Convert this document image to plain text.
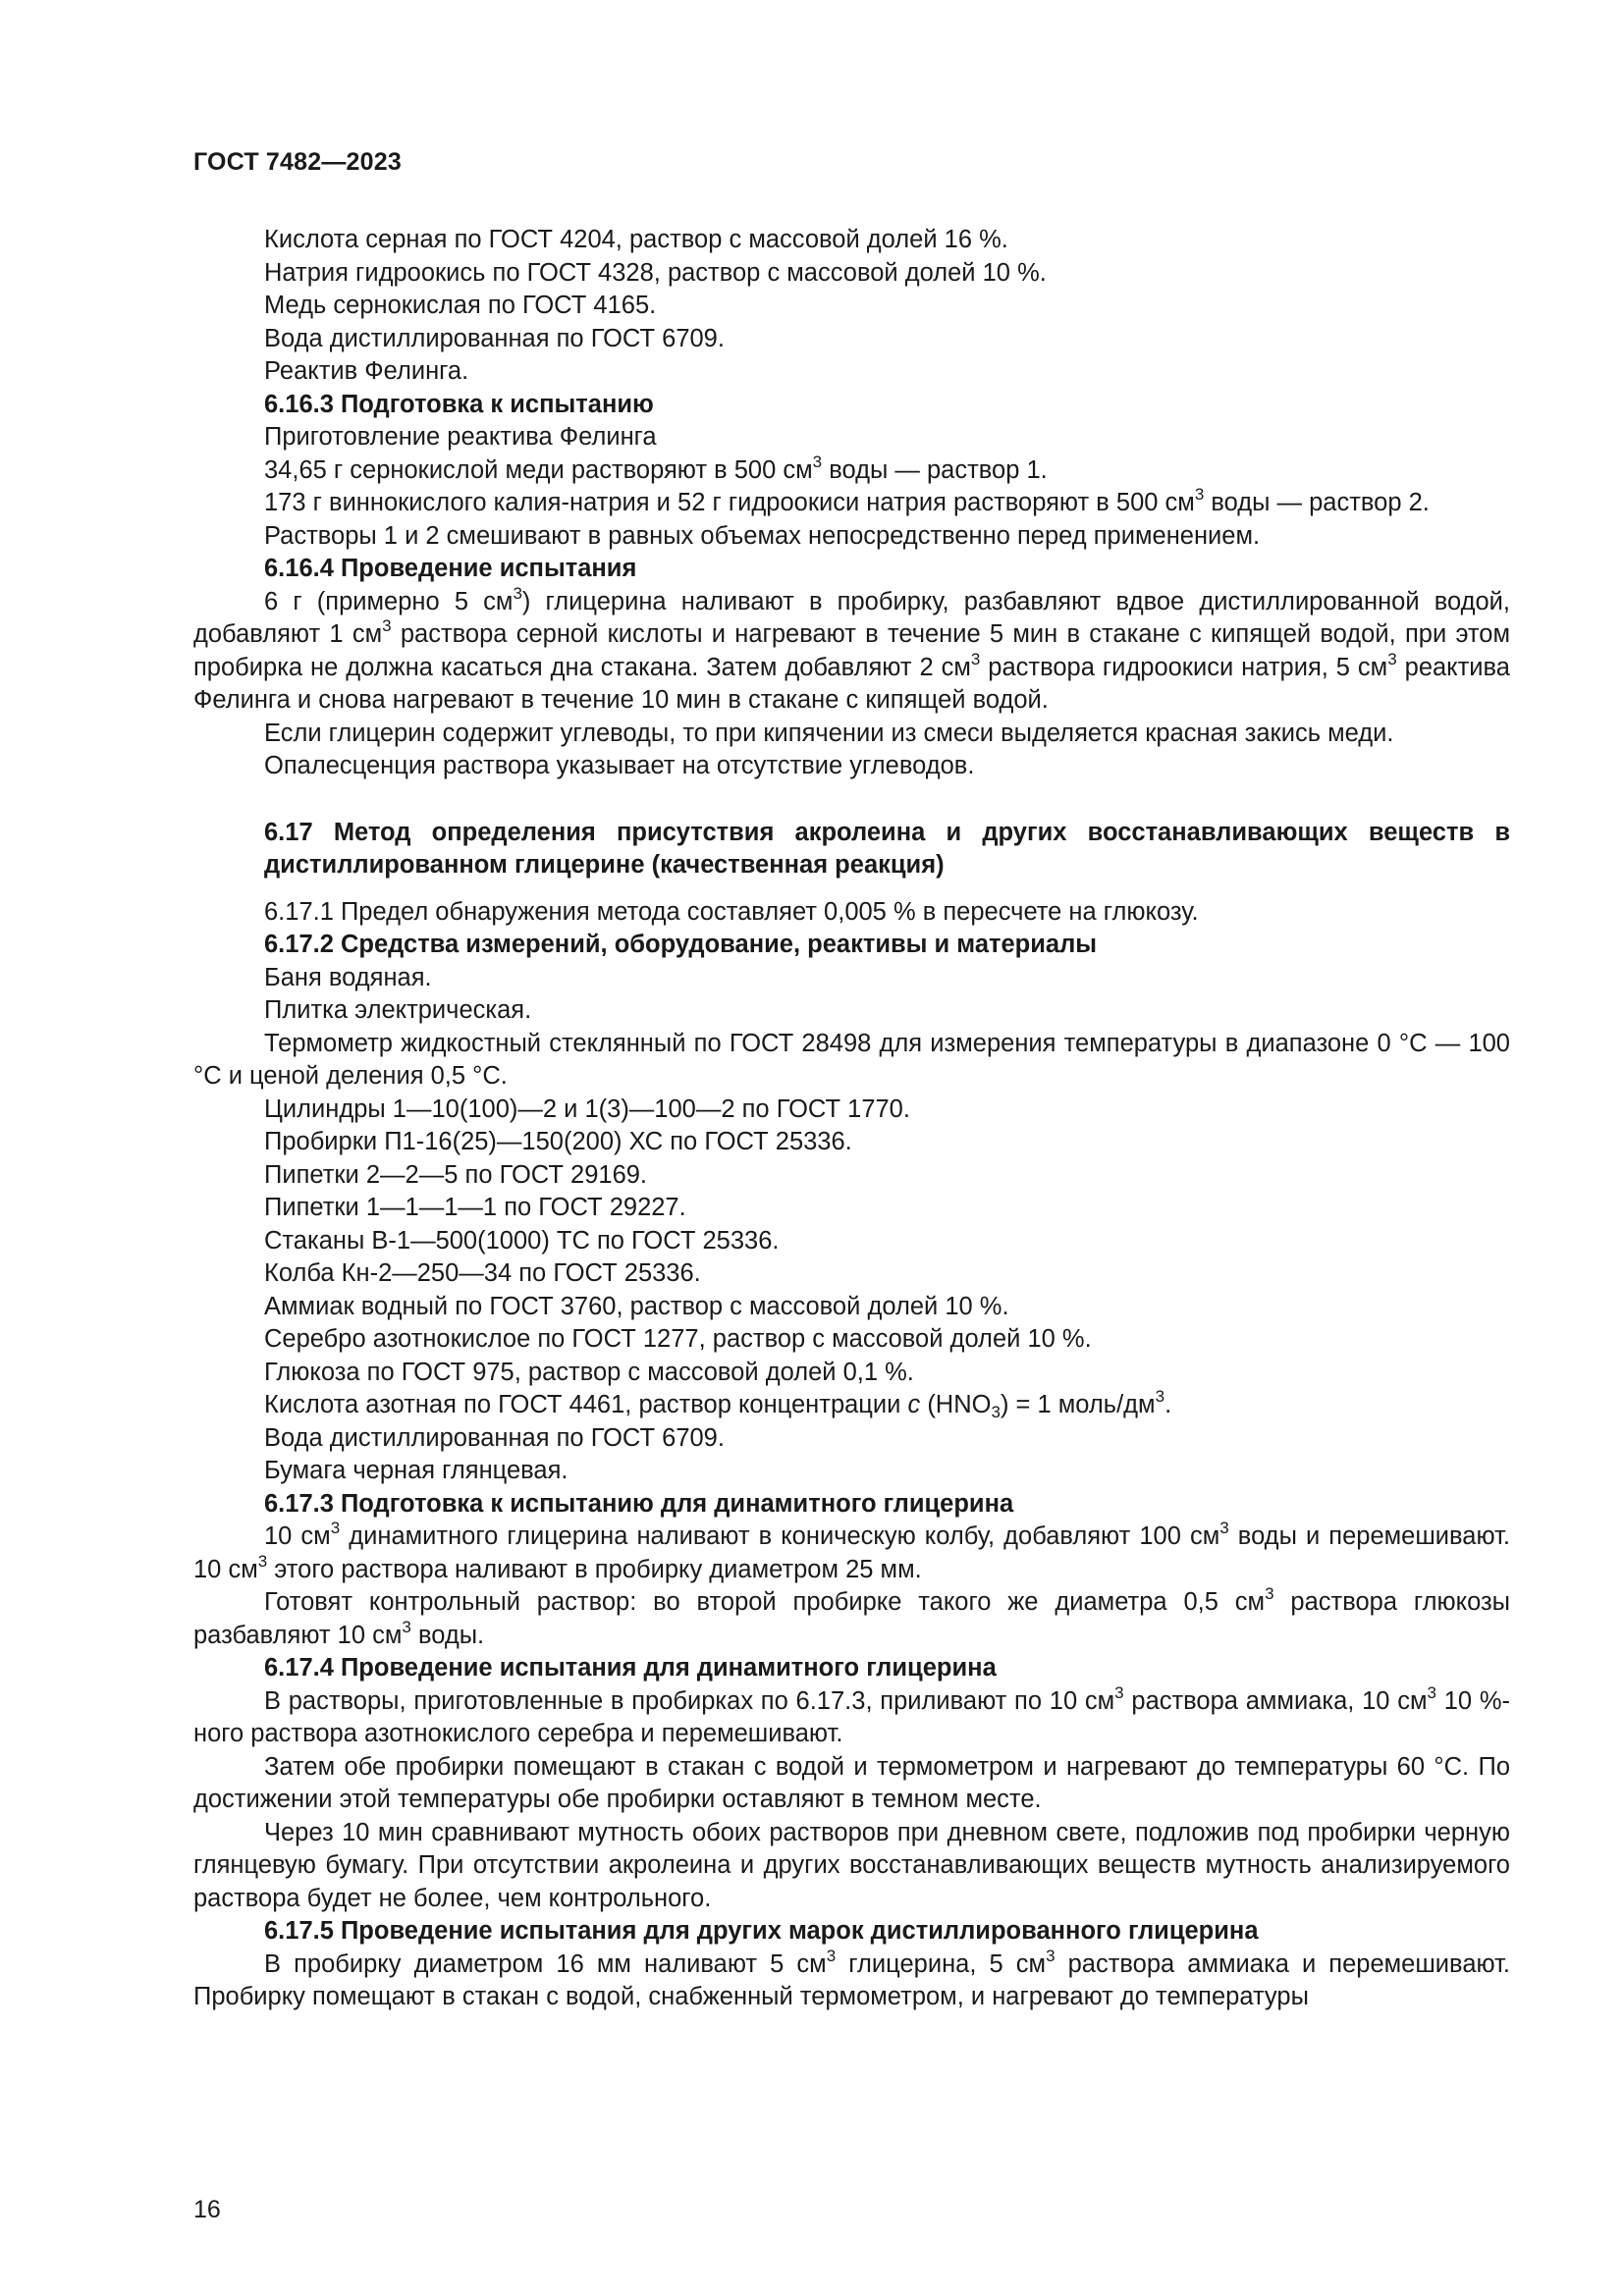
ГОСТ 7482—2023

Кислота серная по ГОСТ 4204, раствор с массовой долей 16 %.

Натрия гидроокись по ГОСТ 4328, раствор с массовой долей 10 %.

Медь сернокислая по ГОСТ 4165.

Вода дистиллированная по ГОСТ 6709.

Реактив Фелинга.

6.16.3 Подготовка к испытанию

Приготовление реактива Фелинга

34,65 г сернокислой меди растворяют в 500 $см^3$ воды — раствор 1.

173 г виннокислого калия-натрия и 52 г гидроокиси натрия растворяют в 500 $см^3$ воды — раствор 2.

Растворы 1 и 2 смешивают в равных объемах непосредственно перед применением.

6.16.4 Проведение испытания

6 г (примерно 5 $см^3$) глицерина наливают в пробирку, разбавляют вдвое дистиллированной водой, добавляют 1 $см^3$ раствора серной кислоты и нагревают в течение 5 мин в стакане с кипящей водой, при этом пробирка не должна касаться дна стакана. Затем добавляют 2 $см^3$ раствора гидроокиси натрия, 5 $см^3$ реактива Фелинга и снова нагревают в течение 10 мин в стакане с кипящей водой.

Если глицерин содержит углеводы, то при кипячении из смеси выделяется красная закись меди.

Опалесценция раствора указывает на отсутствие углеводов.

6.17 Метод определения присутствия акролеина и других восстанавливающих веществ в дистиллированном глицерине (качественная реакция)

6.17.1 Предел обнаружения метода составляет 0,005 % в пересчете на глюкозу.

6.17.2 Средства измерений, оборудование, реактивы и материалы

Баня водяная.

Плитка электрическая.

Термометр жидкостный стеклянный по ГОСТ 28498 для измерения температуры в диапазоне 0 °С — 100 °С и ценой деления 0,5 °С.

Цилиндры 1—10(100)—2 и 1(3)—100—2 по ГОСТ 1770.

Пробирки П1-16(25)—150(200) ХС по ГОСТ 25336.

Пипетки 2—2—5 по ГОСТ 29169.

Пипетки 1—1—1—1 по ГОСТ 29227.

Стаканы В-1—500(1000) ТС по ГОСТ 25336.

Колба Кн-2—250—34 по ГОСТ 25336.

Аммиак водный по ГОСТ 3760, раствор с массовой долей 10 %.

Серебро азотнокислое по ГОСТ 1277, раствор с массовой долей 10 %.

Глюкоза по ГОСТ 975, раствор с массовой долей 0,1 %.

Кислота азотная по ГОСТ 4461, раствор концентрации c $(HNO_3) = 1$ моль/$дм^3$.

Вода дистиллированная по ГОСТ 6709.

Бумага черная глянцевая.

6.17.3 Подготовка к испытанию для динамитного глицерина

10 $см^3$ динамитного глицерина наливают в коническую колбу, добавляют 100 $см^3$ воды и перемешивают. 10 $см^3$ этого раствора наливают в пробирку диаметром 25 мм.

Готовят контрольный раствор: во второй пробирке такого же диаметра 0,5 $см^3$ раствора глюкозы разбавляют 10 $см^3$ воды.

6.17.4 Проведение испытания для динамитного глицерина

В растворы, приготовленные в пробирках по 6.17.3, приливают по 10 $см^3$ раствора аммиака, 10 $см^3$ 10 %-ного раствора азотнокислого серебра и перемешивают.

Затем обе пробирки помещают в стакан с водой и термометром и нагревают до температуры 60 °С. По достижении этой температуры обе пробирки оставляют в темном месте.

Через 10 мин сравнивают мутность обоих растворов при дневном свете, подложив под пробирки черную глянцевую бумагу. При отсутствии акролеина и других восстанавливающих веществ мутность анализируемого раствора будет не более, чем контрольного.

6.17.5 Проведение испытания для других марок дистиллированного глицерина

В пробирку диаметром 16 мм наливают 5 $см^3$ глицерина, 5 $см^3$ раствора аммиака и перемешивают. Пробирку помещают в стакан с водой, снабженный термометром, и нагревают до температуры

16
